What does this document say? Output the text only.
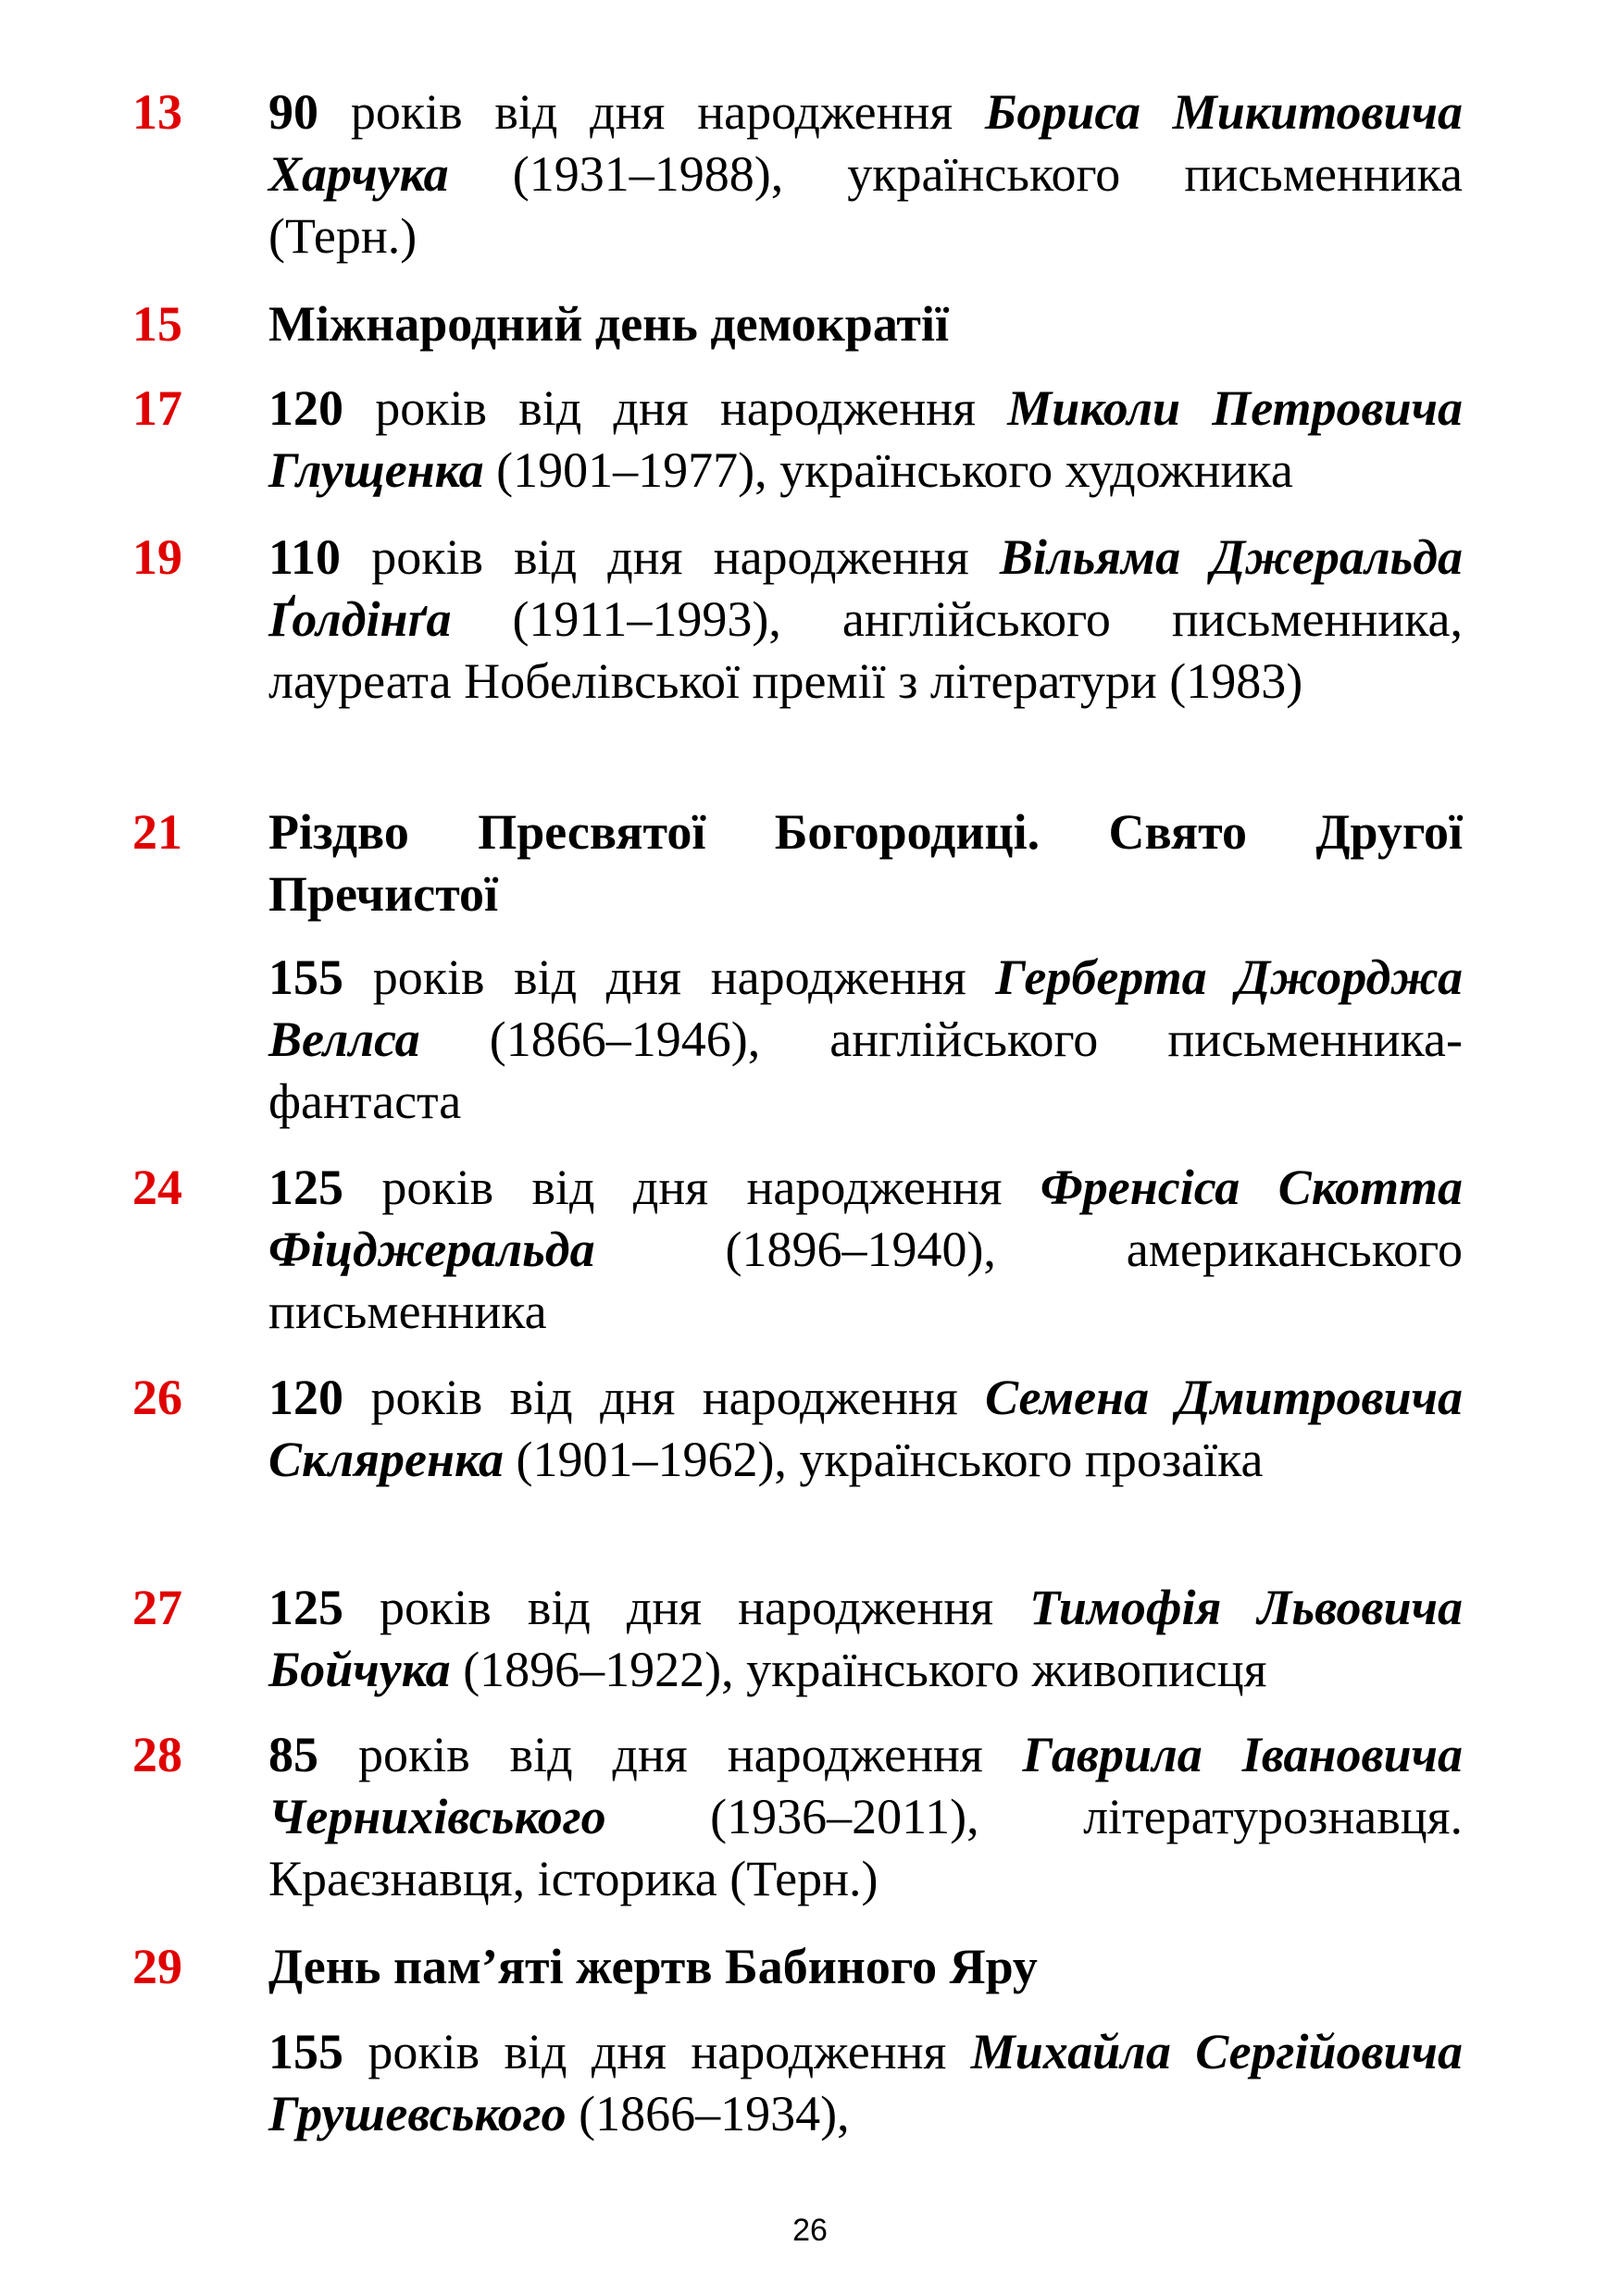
13 90 років від дня народження Бориса Микитовича Харчука (1931–1988), українського письменника (Терн.)
15 Міжнародний день демократії
17 120 років від дня народження Миколи Петровича Глущенка (1901–1977), українського художника
19 110 років від дня народження Вільяма Джеральда Ґолдінґа (1911–1993), англійського письменника, лауреата Нобелівської премії з літератури (1983)
21 Різдво Пресвятої Богородиці. Свято Другої Пречистої
155 років від дня народження Герберта Джорджа Веллса (1866–1946), англійського письменника-фантаста
24 125 років від дня народження Френсіса Скотта Фіцджеральда	(1896–1940), американського письменника
26 120 років від дня народження Семена Дмитровича Скляренка (1901–1962), українського прозаїка
27 125 років від дня народження Тимофія Львовича Бойчука (1896–1922), українського живописця
28 85 років від дня народження Гаврила Івановича Черниxівського (1936–2011), літературознавця. Краєзнавця, історика (Терн.)
29 День пам’яті жертв Бабиного Яру
155 років від дня народження Михайла Сергійовича Грушевського (1866–1934),
26
